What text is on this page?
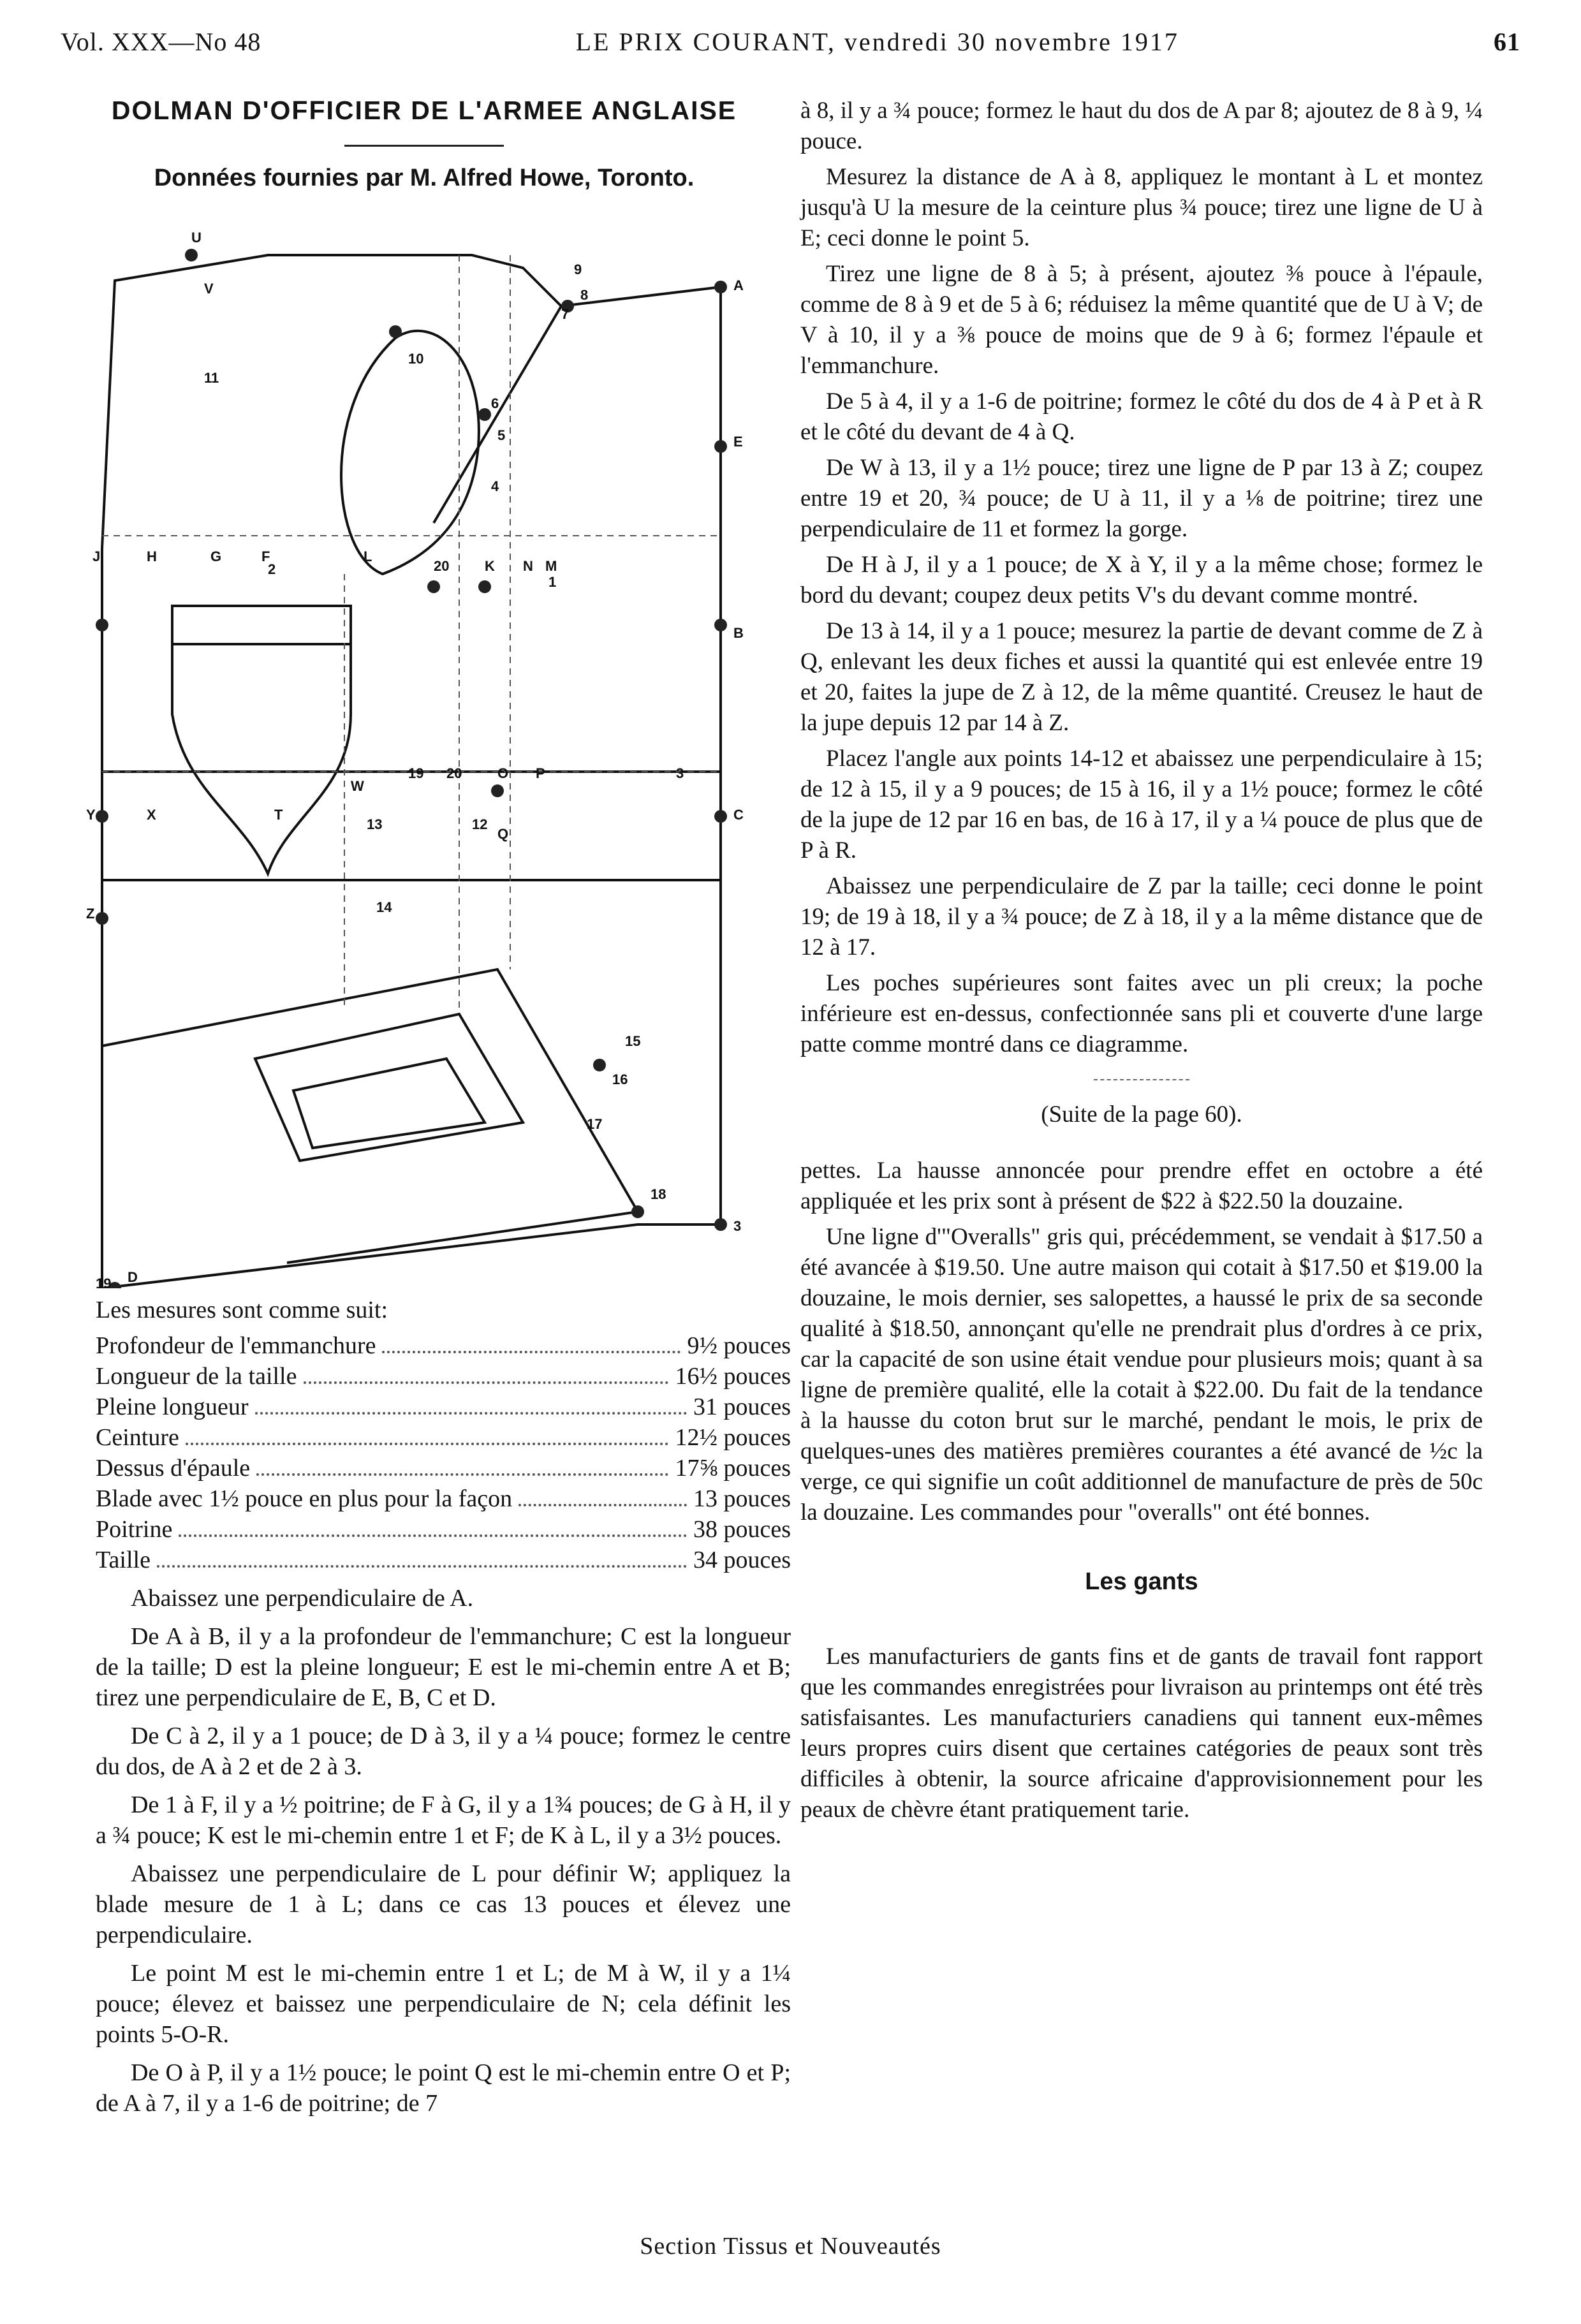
Vol. XXX—No 48	LE PRIX COURANT, vendredi 30 novembre 1917	61
DOLMAN D'OFFICIER DE L'ARMEE ANGLAISE

Données fournies par M. Alfred Howe, Toronto.

U
V
9
8
7
A
11
10
6
5	E
4
J	H	G	F
2
L
20	K N M
1
B
Y	X	T
W
19 20	O P	3
C
13	12
Q
Z	14
15
16
17
18
19 D
3

Les mesures sont comme suit:

Profondeur de l'emmanchure	9½ pouces
Longueur de la taille	16½ pouces
Pleine longueur	31 pouces
Ceinture	12½ pouces
Dessus d'épaule	17⅝ pouces
Blade avec 1½ pouce en plus pour la façon	13 pouces
Poitrine	38 pouces
Taille	34 pouces

Abaissez une perpendiculaire de A.

De A à B, il y a la profondeur de l'emmanchure; C est la longueur de la taille; D est la pleine longueur; E est le mi-chemin entre A et B; tirez une perpendiculaire de E, B, C et D.

De C à 2, il y a 1 pouce; de D à 3, il y a ¼ pouce; formez le centre du dos, de A à 2 et de 2 à 3.

De 1 à F, il y a ½ poitrine; de F à G, il y a 1¾ pouces; de G à H, il y a ¾ pouce; K est le mi-chemin entre 1 et F; de K à L, il y a 3½ pouces.

Abaissez une perpendiculaire de L pour définir W; appliquez la blade mesure de 1 à L; dans ce cas 13 pouces et élevez une perpendiculaire.

Le point M est le mi-chemin entre 1 et L; de M à W, il y a 1¼ pouce; élevez et baissez une perpendiculaire de N; cela définit les points 5-O-R.

De O à P, il y a 1½ pouce; le point Q est le mi-chemin entre O et P; de A à 7, il y a 1-6 de poitrine; de 7

à 8, il y a ¾ pouce; formez le haut du dos de A par 8; ajoutez de 8 à 9, ¼ pouce.

Mesurez la distance de A à 8, appliquez le montant à L et montez jusqu'à U la mesure de la ceinture plus ¾ pouce; tirez une ligne de U à E; ceci donne le point 5.

Tirez une ligne de 8 à 5; à présent, ajoutez ⅜ pouce à l'épaule, comme de 8 à 9 et de 5 à 6; réduisez la même quantité que de U à V; de V à 10, il y a ⅜ pouce de moins que de 9 à 6; formez l'épaule et l'emmanchure.

De 5 à 4, il y a 1-6 de poitrine; formez le côté du dos de 4 à P et à R et le côté du devant de 4 à Q.

De W à 13, il y a 1½ pouce; tirez une ligne de P par 13 à Z; coupez entre 19 et 20, ¾ pouce; de U à 11, il y a ⅛ de poitrine; tirez une perpendiculaire de 11 et formez la gorge.

De H à J, il y a 1 pouce; de X à Y, il y a la même chose; formez le bord du devant; coupez deux petits V's du devant comme montré.

De 13 à 14, il y a 1 pouce; mesurez la partie de devant comme de Z à Q, enlevant les deux fiches et aussi la quantité qui est enlevée entre 19 et 20, faites la jupe de Z à 12, de la même quantité. Creusez le haut de la jupe depuis 12 par 14 à Z.

Placez l'angle aux points 14-12 et abaissez une perpendiculaire à 15; de 12 à 15, il y a 9 pouces; de 15 à 16, il y a 1½ pouce; formez le côté de la jupe de 12 par 16 en bas, de 16 à 17, il y a ¼ pouce de plus que de P à R.

Abaissez une perpendiculaire de Z par la taille; ceci donne le point 19; de 19 à 18, il y a ¾ pouce; de Z à 18, il y a la même distance que de 12 à 17.

Les poches supérieures sont faites avec un pli creux; la poche inférieure est en-dessus, confectionnée sans pli et couverte d'une large patte comme montré dans ce diagramme.

(Suite de la page 60).

pettes. La hausse annoncée pour prendre effet en octobre a été appliquée et les prix sont à présent de $22 à $22.50 la douzaine.

Une ligne d'"Overalls" gris qui, précédemment, se vendait à $17.50 a été avancée à $19.50. Une autre maison qui cotait à $17.50 et $19.00 la douzaine, le mois dernier, ses salopettes, a haussé le prix de sa seconde qualité à $18.50, annonçant qu'elle ne prendrait plus d'ordres à ce prix, car la capacité de son usine était vendue pour plusieurs mois; quant à sa ligne de première qualité, elle la cotait à $22.00. Du fait de la tendance à la hausse du coton brut sur le marché, pendant le mois, le prix de quelques-unes des matières premières courantes a été avancé de ½c la verge, ce qui signifie un coût additionnel de manufacture de près de 50c la douzaine. Les commandes pour "overalls" ont été bonnes.

Les gants

Les manufacturiers de gants fins et de gants de travail font rapport que les commandes enregistrées pour livraison au printemps ont été très satisfaisantes. Les manufacturiers canadiens qui tannent eux-mêmes leurs propres cuirs disent que certaines catégories de peaux sont très difficiles à obtenir, la source africaine d'approvisionnement pour les peaux de chèvre étant pratiquement tarie.

Section Tissus et Nouveautés
